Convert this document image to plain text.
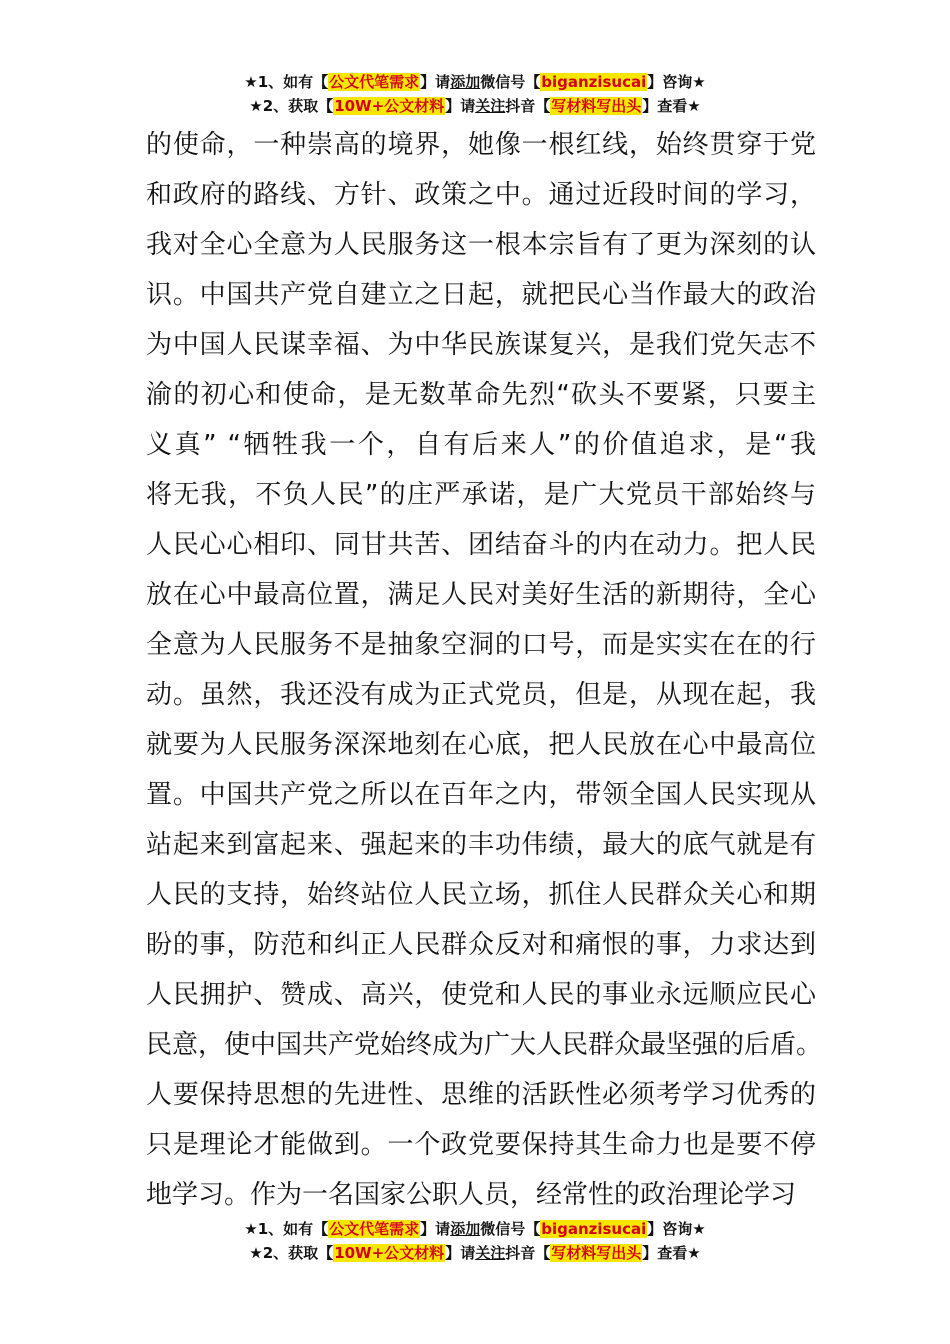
★1、如有【公文代笔需求】请添加微信号【biganzisucai】咨询★
★2、获取【10W+公文材料】请关注抖音【写材料写出头】查看★
的使命，一种崇高的境界，她像一根红线，始终贯穿于党
和政府的路线、方针、政策之中。通过近段时间的学习，
我对全心全意为人民服务这一根本宗旨有了更为深刻的认
识。中国共产党自建立之日起，就把民心当作最大的政治
为中国人民谋幸福、为中华民族谋复兴，是我们党矢志不
渝的初心和使命，是无数革命先烈“砍头不要紧，只要主
义真” “牺牲我一个，自有后来人”的价值追求，是“我
将无我，不负人民”的庄严承诺，是广大党员干部始终与
人民心心相印、同甘共苦、团结奋斗的内在动力。把人民
放在心中最高位置，满足人民对美好生活的新期待，全心
全意为人民服务不是抽象空洞的口号，而是实实在在的行
动。虽然，我还没有成为正式党员，但是，从现在起，我
就要为人民服务深深地刻在心底，把人民放在心中最高位
置。中国共产党之所以在百年之内，带领全国人民实现从
站起来到富起来、强起来的丰功伟绩，最大的底气就是有
人民的支持，始终站位人民立场，抓住人民群众关心和期
盼的事，防范和纠正人民群众反对和痛恨的事，力求达到
人民拥护、赞成、高兴，使党和人民的事业永远顺应民心
民意，使中国共产党始终成为广大人民群众最坚强的后盾。
人要保持思想的先进性、思维的活跃性必须考学习优秀的
只是理论才能做到。一个政党要保持其生命力也是要不停
地学习。作为一名国家公职人员，经常性的政治理论学习
★1、如有【公文代笔需求】请添加微信号【biganzisucai】咨询★
★2、获取【10W+公文材料】请关注抖音【写材料写出头】查看★
